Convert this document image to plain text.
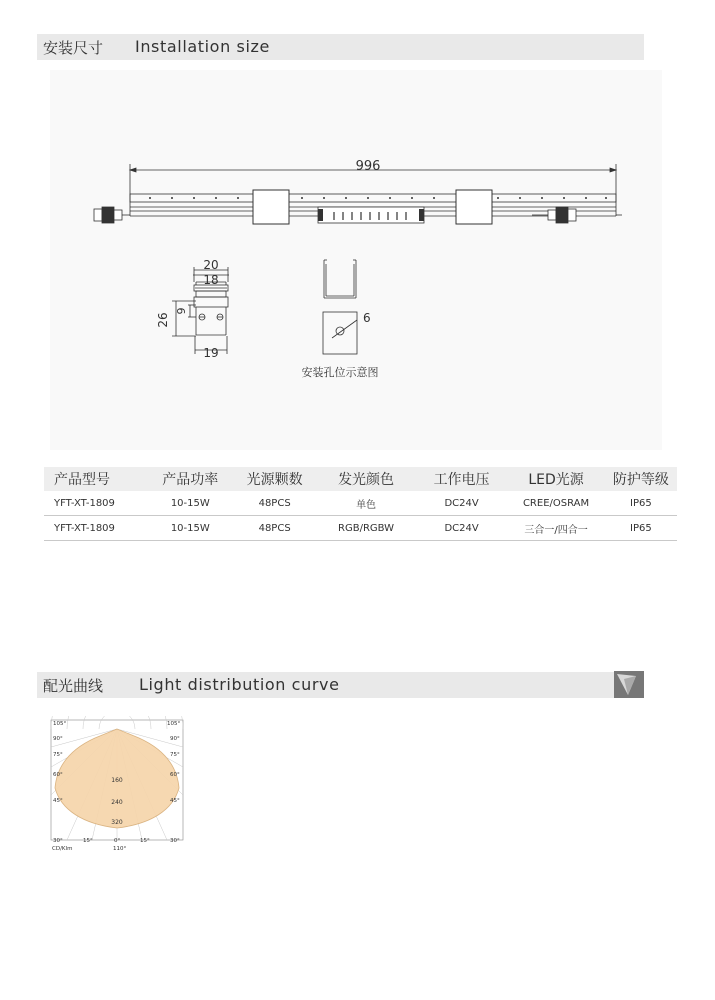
安装尺寸 Installation size
996
20
18
19
26
9	6
安装孔位示意图
产品型号	产品功率	光源颗数	发光颜色	工作电压	LED光源	防护等级
YFT-XT-1809	10-15W	48PCS	单色	DC24V	CREE/OSRAM	IP65
YFT-XT-1809	10-15W	48PCS	RGB/RGBW	DC24V	三合一/四合一	IP65
配光曲线 Light distribution curve
105°	105°
90°	90°
75°	75°
60°	60°
45°	45°
30°	30°
15°	15°
0°
160
240
320
CD/Klm	110°
